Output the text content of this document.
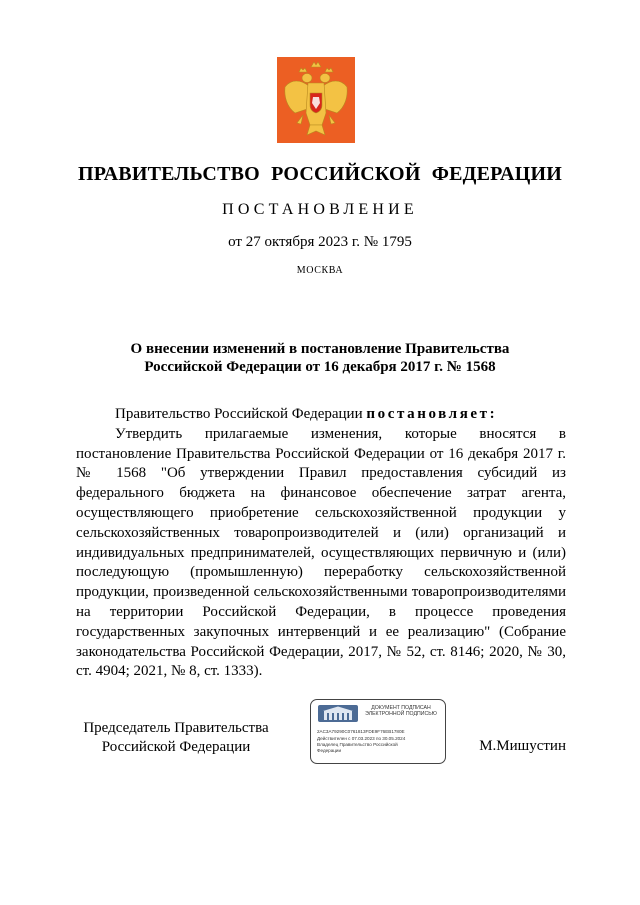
ПРАВИТЕЛЬСТВО РОССИЙСКОЙ ФЕДЕРАЦИИ
ПОСТАНОВЛЕНИЕ
от 27 октября 2023 г. № 1795
МОСКВА
О внесении изменений в постановление Правительства
Российской Федерации от 16 декабря 2017 г. № 1568

Правительство Российской Федерации постановляет:

Утвердить прилагаемые изменения, которые вносятся в постановление Правительства Российской Федерации от 16 декабря 2017 г. № 1568 "Об утверждении Правил предоставления субсидий из федерального бюджета на финансовое обеспечение затрат агента, осуществляющего приобретение сельскохозяйственной продукции у сельскохозяйственных товаропроизводителей и (или) организаций и индивидуальных предпринимателей, осуществляющих первичную и (или) последующую (промышленную) переработку сельскохозяйственной продукции, произведенной сельскохозяйственными товаропроизводителями на территории Российской Федерации, в процессе проведения государственных закупочных интервенций и ее реализацию" (Собрание законодательства Российской Федерации, 2017, № 52, ст. 8146; 2020, № 30, ст. 4904; 2021, № 8, ст. 1333).

Председатель Правительства
Российской Федерации
ДОКУМЕНТ ПОДПИСАН
ЭЛЕКТРОННОЙ ПОДПИСЬЮ
2AC3A79290C0761813FDE9F76EB1780E
Действителен с 07.03.2023 по 30.05.2024
Владелец Правительство Российской
Федерации	М.Мишустин
